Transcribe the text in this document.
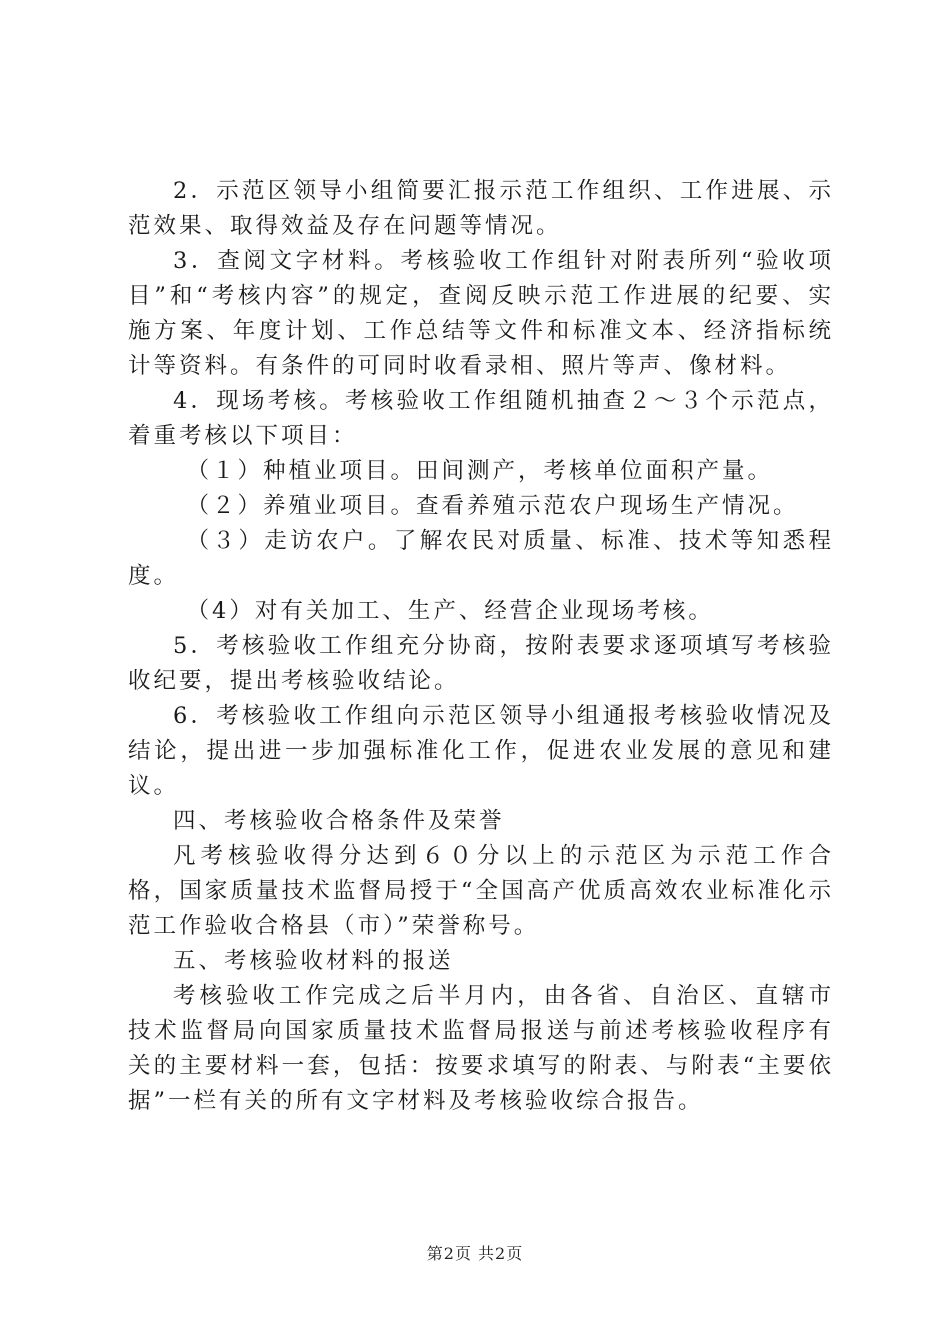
2．示范区领导小组简要汇报示范工作组织、工作进展、示范效果、取得效益及存在问题等情况。

3．查阅文字材料。考核验收工作组针对附表所列“验收项目”和“考核内容”的规定，查阅反映示范工作进展的纪要、实施方案、年度计划、工作总结等文件和标准文本、经济指标统计等资料。有条件的可同时收看录相、照片等声、像材料。

4．现场考核。考核验收工作组随机抽查２～３个示范点，着重考核以下项目：

（１）种植业项目。田间测产，考核单位面积产量。

（２）养殖业项目。查看养殖示范农户现场生产情况。

（３）走访农户。了解农民对质量、标准、技术等知悉程度。

（4）对有关加工、生产、经营企业现场考核。

5．考核验收工作组充分协商，按附表要求逐项填写考核验收纪要，提出考核验收结论。

6．考核验收工作组向示范区领导小组通报考核验收情况及结论，提出进一步加强标准化工作，促进农业发展的意见和建议。

四、考核验收合格条件及荣誉

凡考核验收得分达到６０分以上的示范区为示范工作合格，国家质量技术监督局授于“全国高产优质高效农业标准化示范工作验收合格县（市）”荣誉称号。

五、考核验收材料的报送

考核验收工作完成之后半月内，由各省、自治区、直辖市技术监督局向国家质量技术监督局报送与前述考核验收程序有关的主要材料一套，包括：按要求填写的附表、与附表“主要依据”一栏有关的所有文字材料及考核验收综合报告。

第2页 共2页
